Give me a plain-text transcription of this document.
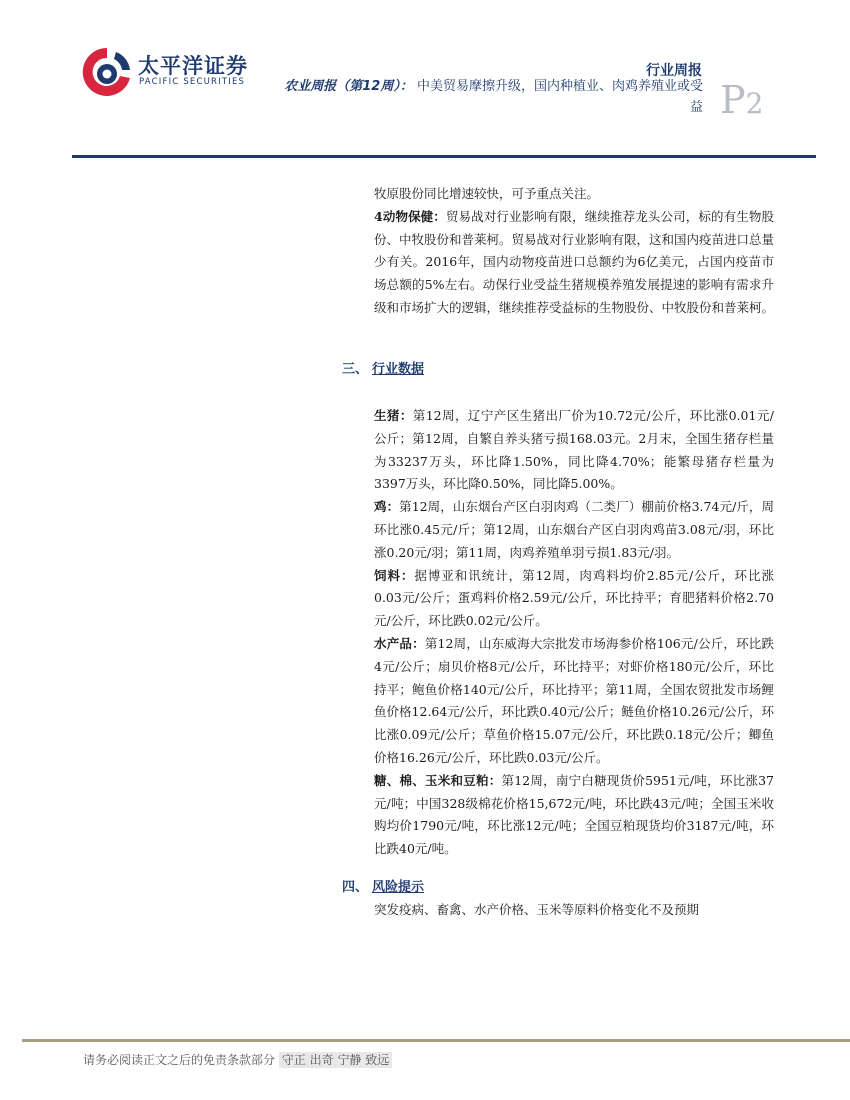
太平洋证券
PACIFIC SECURITIES
行业周报
农业周报（第12周）： 中美贸易摩擦升级，国内种植业、肉鸡养殖业或受益 P2

牧原股份同比增速较快，可予重点关注。

4动物保健：贸易战对行业影响有限，继续推荐龙头公司，标的有生物股份、中牧股份和普莱柯。贸易战对行业影响有限，这和国内疫苗进口总量少有关。2016年，国内动物疫苗进口总额约为6亿美元，占国内疫苗市场总额的5%左右。动保行业受益生猪规模养殖发展提速的影响有需求升级和市场扩大的逻辑，继续推荐受益标的生物股份、中牧股份和普莱柯。

三、 行业数据

生猪：第12周，辽宁产区生猪出厂价为10.72元/公斤，环比涨0.01元/公斤；第12周，自繁自养头猪亏损168.03元。2月末，全国生猪存栏量为33237万头，环比降1.50%，同比降4.70%；能繁母猪存栏量为3397万头，环比降0.50%，同比降5.00%。

鸡：第12周，山东烟台产区白羽肉鸡（二类厂）棚前价格3.74元/斤，周环比涨0.45元/斤；第12周，山东烟台产区白羽肉鸡苗3.08元/羽，环比涨0.20元/羽；第11周，肉鸡养殖单羽亏损1.83元/羽。

饲料：据博亚和讯统计，第12周，肉鸡料均价2.85元/公斤，环比涨0.03元/公斤；蛋鸡料价格2.59元/公斤，环比持平；育肥猪料价格2.70元/公斤，环比跌0.02元/公斤。

水产品：第12周，山东威海大宗批发市场海参价格106元/公斤，环比跌4元/公斤；扇贝价格8元/公斤，环比持平；对虾价格180元/公斤，环比持平；鲍鱼价格140元/公斤，环比持平；第11周，全国农贸批发市场鲤鱼价格12.64元/公斤，环比跌0.40元/公斤；鲢鱼价格10.26元/公斤，环比涨0.09元/公斤；草鱼价格15.07元/公斤，环比跌0.18元/公斤；鲫鱼价格16.26元/公斤，环比跌0.03元/公斤。

糖、棉、玉米和豆粕：第12周，南宁白糖现货价5951元/吨，环比涨37元/吨；中国328级棉花价格15,672元/吨，环比跌43元/吨；全国玉米收购均价1790元/吨，环比涨12元/吨；全国豆粕现货均价3187元/吨，环比跌40元/吨。

四、 风险提示

突发疫病、畜禽、水产价格、玉米等原料价格变化不及预期

请务必阅读正文之后的免责条款部分 守正 出奇 宁静 致远
